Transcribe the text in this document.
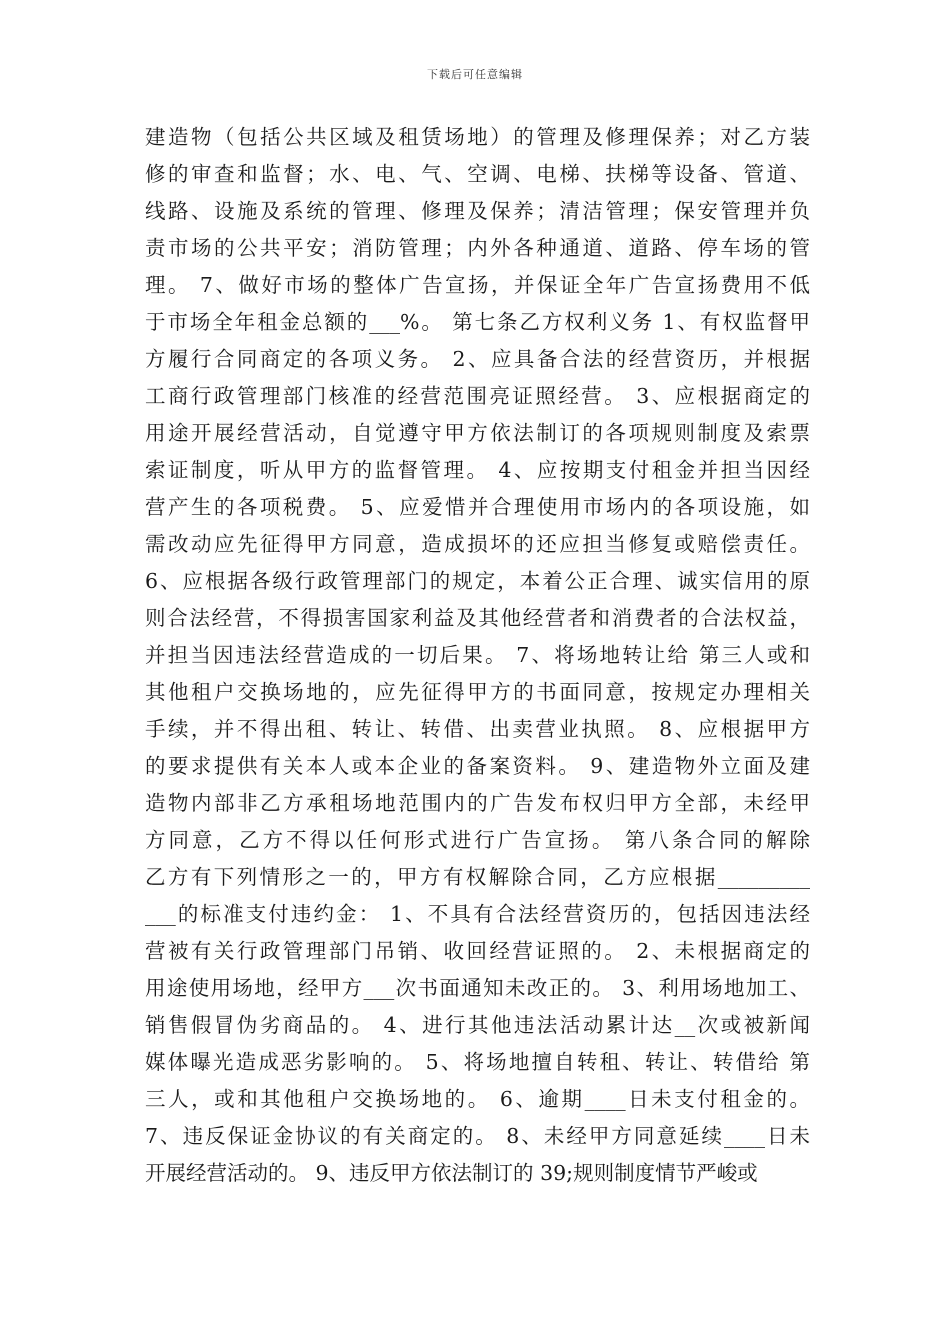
下载后可任意编辑
建造物（包括公共区域及租赁场地）的管理及修理保养；对乙方装
修的审查和监督；水、电、气、空调、电梯、扶梯等设备、管道、
线路、设施及系统的管理、修理及保养；清洁管理；保安管理并负
责市场的公共平安；消防管理；内外各种通道、道路、停车场的管
理。 7、做好市场的整体广告宣扬，并保证全年广告宣扬费用不低
于市场全年租金总额的___%。 第七条乙方权利义务 1、有权监督甲
方履行合同商定的各项义务。 2、应具备合法的经营资历，并根据
工商行政管理部门核准的经营范围亮证照经营。 3、应根据商定的
用途开展经营活动，自觉遵守甲方依法制订的各项规则制度及索票
索证制度，听从甲方的监督管理。 4、应按期支付租金并担当因经
营产生的各项税费。 5、应爱惜并合理使用市场内的各项设施，如
需改动应先征得甲方同意，造成损坏的还应担当修复或赔偿责任。
6、应根据各级行政管理部门的规定，本着公正合理、诚实信用的原
则合法经营，不得损害国家利益及其他经营者和消费者的合法权益，
并担当因违法经营造成的一切后果。 7、将场地转让给 第三人或和
其他租户交换场地的，应先征得甲方的书面同意，按规定办理相关
手续，并不得出租、转让、转借、出卖营业执照。 8、应根据甲方
的要求提供有关本人或本企业的备案资料。 9、建造物外立面及建
造物内部非乙方承租场地范围内的广告发布权归甲方全部，未经甲
方同意，乙方不得以任何形式进行广告宣扬。 第八条合同的解除
乙方有下列情形之一的，甲方有权解除合同，乙方应根据_________
___的标准支付违约金： 1、不具有合法经营资历的，包括因违法经
营被有关行政管理部门吊销、收回经营证照的。 2、未根据商定的
用途使用场地，经甲方___次书面通知未改正的。 3、利用场地加工、
销售假冒伪劣商品的。 4、进行其他违法活动累计达__次或被新闻
媒体曝光造成恶劣影响的。 5、将场地擅自转租、转让、转借给 第
三人，或和其他租户交换场地的。 6、逾期____日未支付租金的。
7、违反保证金协议的有关商定的。 8、未经甲方同意延续____日未
开展经营活动的。 9、违反甲方依法制订的 39;规则制度情节严峻或
